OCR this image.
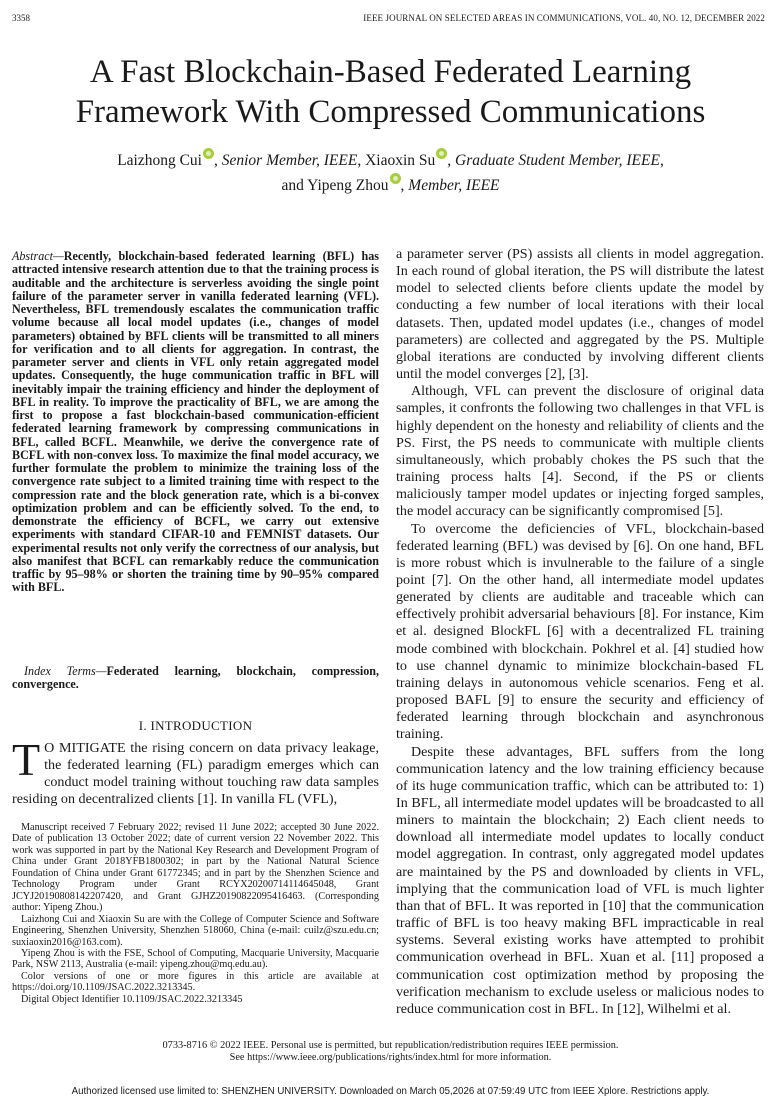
3358	IEEE JOURNAL ON SELECTED AREAS IN COMMUNICATIONS, VOL. 40, NO. 12, DECEMBER 2022
A Fast Blockchain-Based Federated Learning
Framework With Compressed Communications
Laizhong Cui , Senior Member, IEEE, Xiaoxin Su , Graduate Student Member, IEEE,
and Yipeng Zhou , Member, IEEE
Abstract—Recently, blockchain-based federated learning (BFL) has attracted intensive research attention due to that the training process is auditable and the architecture is serverless avoiding the single point failure of the parameter server in vanilla federated learning (VFL). Nevertheless, BFL tremendously escalates the communication traffic volume because all local model updates (i.e., changes of model parameters) obtained by BFL clients will be transmitted to all miners for verification and to all clients for aggregation. In contrast, the parameter server and clients in VFL only retain aggregated model updates. Consequently, the huge communication traffic in BFL will inevitably impair the training efficiency and hinder the deployment of BFL in reality. To improve the practicality of BFL, we are among the first to propose a fast blockchain-based communication-efficient federated learning framework by compressing communications in BFL, called BCFL. Meanwhile, we derive the convergence rate of BCFL with non-convex loss. To maximize the final model accuracy, we further formulate the problem to minimize the training loss of the convergence rate subject to a limited training time with respect to the compression rate and the block generation rate, which is a bi-convex optimization problem and can be efficiently solved. To the end, to demonstrate the efficiency of BCFL, we carry out extensive experiments with standard CIFAR-10 and FEMNIST datasets. Our experimental results not only verify the correctness of our analysis, but also manifest that BCFL can remarkably reduce the communication traffic by 95–98% or shorten the training time by 90–95% compared with BFL.
Index Terms—Federated learning, blockchain, compression, convergence.
I. INTRODUCTION
T O MITIGATE the rising concern on data privacy leakage, the federated learning (FL) paradigm emerges which can conduct model training without touching raw data samples residing on decentralized clients [1]. In vanilla FL (VFL),

Manuscript received 7 February 2022; revised 11 June 2022; accepted 30 June 2022. Date of publication 13 October 2022; date of current version 22 November 2022. This work was supported in part by the National Key Research and Development Program of China under Grant 2018YFB1800302; in part by the National Natural Science Foundation of China under Grant 61772345; and in part by the Shenzhen Science and Technology Program under Grant RCYX20200714114645048, Grant JCYJ20190808142207420, and Grant GJHZ20190822095416463. (Corresponding author: Yipeng Zhou.)

Laizhong Cui and Xiaoxin Su are with the College of Computer Science and Software Engineering, Shenzhen University, Shenzhen 518060, China (e-mail: cuilz@szu.edu.cn; suxiaoxin2016@163.com).

Yipeng Zhou is with the FSE, School of Computing, Macquarie University, Macquarie Park, NSW 2113, Australia (e-mail: yipeng.zhou@mq.edu.au).

Color versions of one or more figures in this article are available at https://doi.org/10.1109/JSAC.2022.3213345.

Digital Object Identifier 10.1109/JSAC.2022.3213345

a parameter server (PS) assists all clients in model aggregation. In each round of global iteration, the PS will distribute the latest model to selected clients before clients update the model by conducting a few number of local iterations with their local datasets. Then, updated model updates (i.e., changes of model parameters) are collected and aggregated by the PS. Multiple global iterations are conducted by involving different clients until the model converges [2], [3].

Although, VFL can prevent the disclosure of original data samples, it confronts the following two challenges in that VFL is highly dependent on the honesty and reliability of clients and the PS. First, the PS needs to communicate with multiple clients simultaneously, which probably chokes the PS such that the training process halts [4]. Second, if the PS or clients maliciously tamper model updates or injecting forged samples, the model accuracy can be significantly compromised [5].

To overcome the deficiencies of VFL, blockchain-based federated learning (BFL) was devised by [6]. On one hand, BFL is more robust which is invulnerable to the failure of a single point [7]. On the other hand, all intermediate model updates generated by clients are auditable and traceable which can effectively prohibit adversarial behaviours [8]. For instance, Kim et al. designed BlockFL [6] with a decentralized FL training mode combined with blockchain. Pokhrel et al. [4] studied how to use channel dynamic to minimize blockchain-based FL training delays in autonomous vehicle scenarios. Feng et al. proposed BAFL [9] to ensure the security and efficiency of federated learning through blockchain and asynchronous training.

Despite these advantages, BFL suffers from the long communication latency and the low training efficiency because of its huge communication traffic, which can be attributed to: 1) In BFL, all intermediate model updates will be broadcasted to all miners to maintain the blockchain; 2) Each client needs to download all intermediate model updates to locally conduct model aggregation. In contrast, only aggregated model updates are maintained by the PS and downloaded by clients in VFL, implying that the communication load of VFL is much lighter than that of BFL. It was reported in [10] that the communication traffic of BFL is too heavy making BFL impracticable in real systems. Several existing works have attempted to prohibit communication overhead in BFL. Xuan et al. [11] proposed a communication cost optimization method by proposing the verification mechanism to exclude useless or malicious nodes to reduce communication cost in BFL. In [12], Wilhelmi et al.

0733-8716 © 2022 IEEE. Personal use is permitted, but republication/redistribution requires IEEE permission.
See https://www.ieee.org/publications/rights/index.html for more information.
Authorized licensed use limited to: SHENZHEN UNIVERSITY. Downloaded on March 05,2026 at 07:59:49 UTC from IEEE Xplore. Restrictions apply.
